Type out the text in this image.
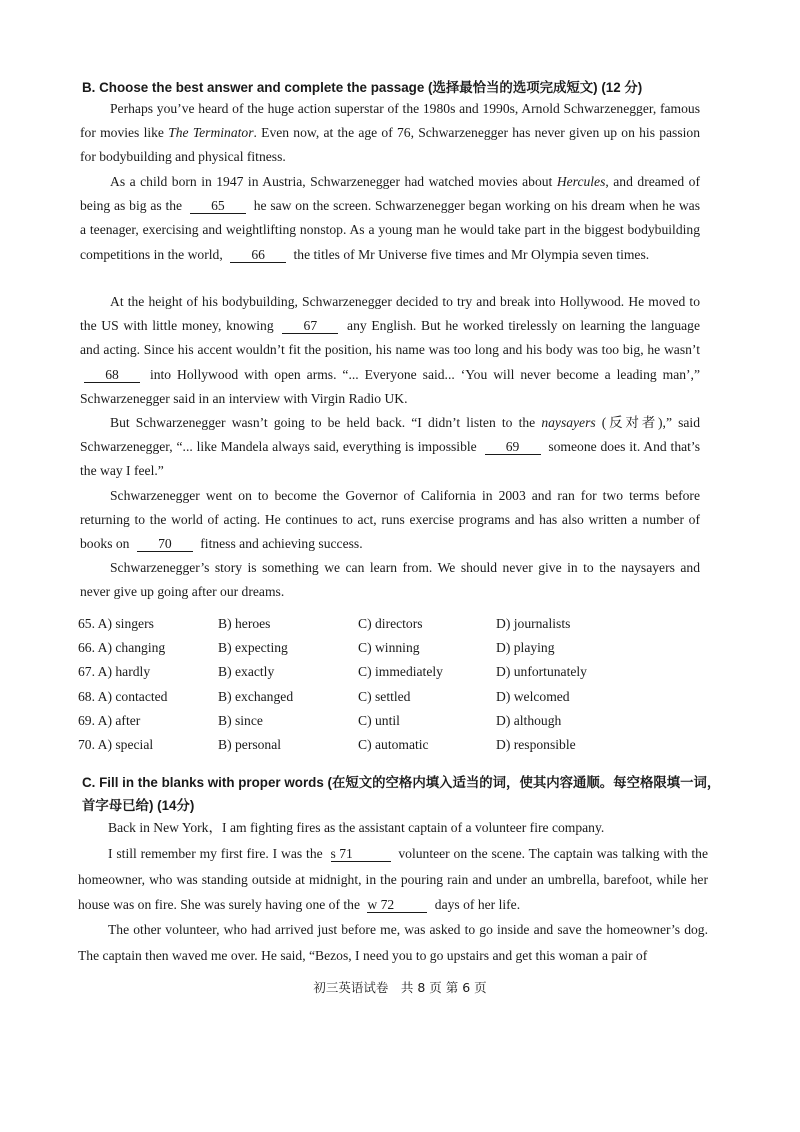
B. Choose the best answer and complete the passage (选择最恰当的选项完成短文) (12 分)
Perhaps you’ve heard of the huge action superstar of the 1980s and 1990s, Arnold Schwarzenegger, famous for movies like The Terminator. Even now, at the age of 76, Schwarzenegger has never given up on his passion for bodybuilding and physical fitness.
As a child born in 1947 in Austria, Schwarzenegger had watched movies about Hercules, and dreamed of being as big as the 65 he saw on the screen. Schwarzenegger began working on his dream when he was a teenager, exercising and weightlifting nonstop. As a young man he would take part in the biggest bodybuilding competitions in the world, 66 the titles of Mr Universe five times and Mr Olympia seven times.
At the height of his bodybuilding, Schwarzenegger decided to try and break into Hollywood. He moved to the US with little money, knowing 67 any English. But he worked tirelessly on learning the language and acting. Since his accent wouldn’t fit the position, his name was too long and his body was too big, he wasn’t 68 into Hollywood with open arms. “... Everyone said... ‘You will never become a leading man’,” Schwarzenegger said in an interview with Virgin Radio UK.
But Schwarzenegger wasn’t going to be held back. “I didn’t listen to the naysayers (反对者),” said Schwarzenegger, “... like Mandela always said, everything is impossible 69 someone does it. And that’s the way I feel.”
Schwarzenegger went on to become the Governor of California in 2003 and ran for two terms before returning to the world of acting. He continues to act, runs exercise programs and has also written a number of books on 70 fitness and achieving success.
Schwarzenegger’s story is something we can learn from. We should never give in to the naysayers and never give up going after our dreams.
65. A) singers	B) heroes	C) directors	D) journalists
66. A) changing	B) expecting	C) winning	D) playing
67. A) hardly	B) exactly	C) immediately	D) unfortunately
68. A) contacted	B) exchanged	C) settled	D) welcomed
69. A) after	B) since	C) until	D) although
70. A) special	B) personal	C) automatic	D) responsible
C. Fill in the blanks with proper words (在短文的空格内填入适当的词，使其内容通顺。每空格限填一词，首字母已给) (14分)
Back in New York，I am fighting fires as the assistant captain of a volunteer fire company.
I still remember my first fire. I was the s 71	volunteer on the scene. The captain was talking with the homeowner, who was standing outside at midnight, in the pouring rain and under an umbrella, barefoot, while her house was on fire. She was surely having one of the w 72	days of her life.
The other volunteer, who had arrived just before me, was asked to go inside and save the homeowner’s dog. The captain then waved me over. He said, “Bezos, I need you to go upstairs and get this woman a pair of
初三英语试卷　共 8 页 第 6 页
